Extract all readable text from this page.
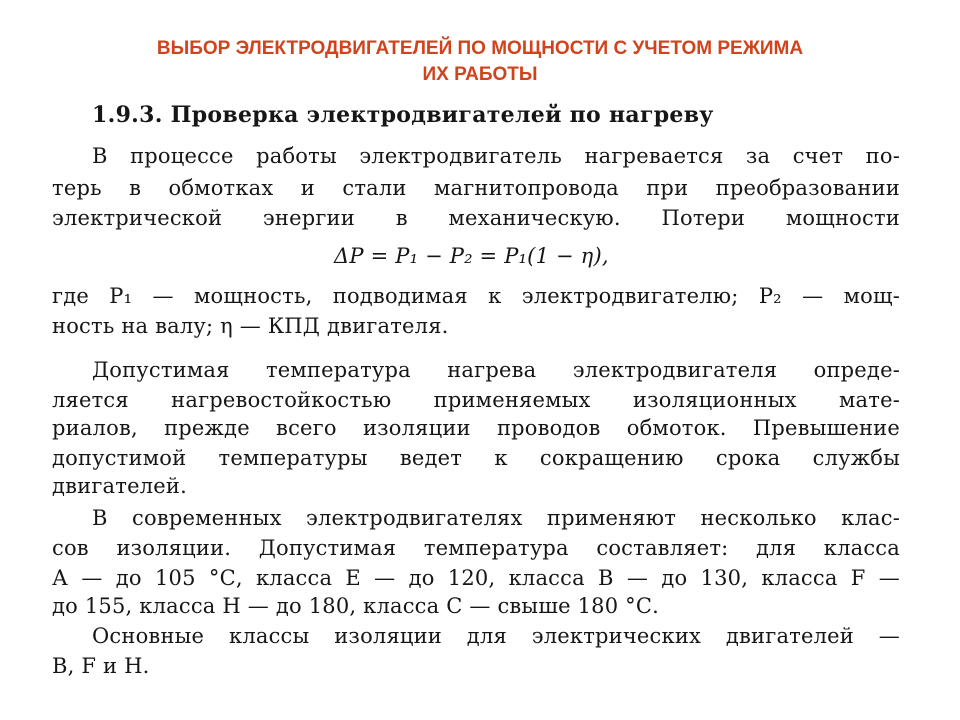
ВЫБОР ЭЛЕКТРОДВИГАТЕЛЕЙ ПО МОЩНОСТИ С УЧЕТОМ РЕЖИМА
ИХ РАБОТЫ
1.9.3. Проверка электродвигателей по нагреву
В процессе работы электродвигатель нагревается за счет по-
терь в обмотках и стали магнитопровода при преобразовании
электрической энергии в механическую. Потери мощности
ΔP = P₁ − P₂ = P₁(1 − η),
где P₁ — мощность, подводимая к электродвигателю; P₂ — мощ-
ность на валу; η — КПД двигателя.
Допустимая температура нагрева электродвигателя опреде-
ляется нагревостойкостью применяемых изоляционных мате-
риалов, прежде всего изоляции проводов обмоток. Превышение
допустимой температуры ведет к сокращению срока службы
двигателей.
В современных электродвигателях применяют несколько клас-
сов изоляции. Допустимая температура составляет: для класса
А — до 105 °С, класса Е — до 120, класса В — до 130, класса F —
до 155, класса Н — до 180, класса С — свыше 180 °С.
Основные классы изоляции для электрических двигателей —
В, F и Н.
